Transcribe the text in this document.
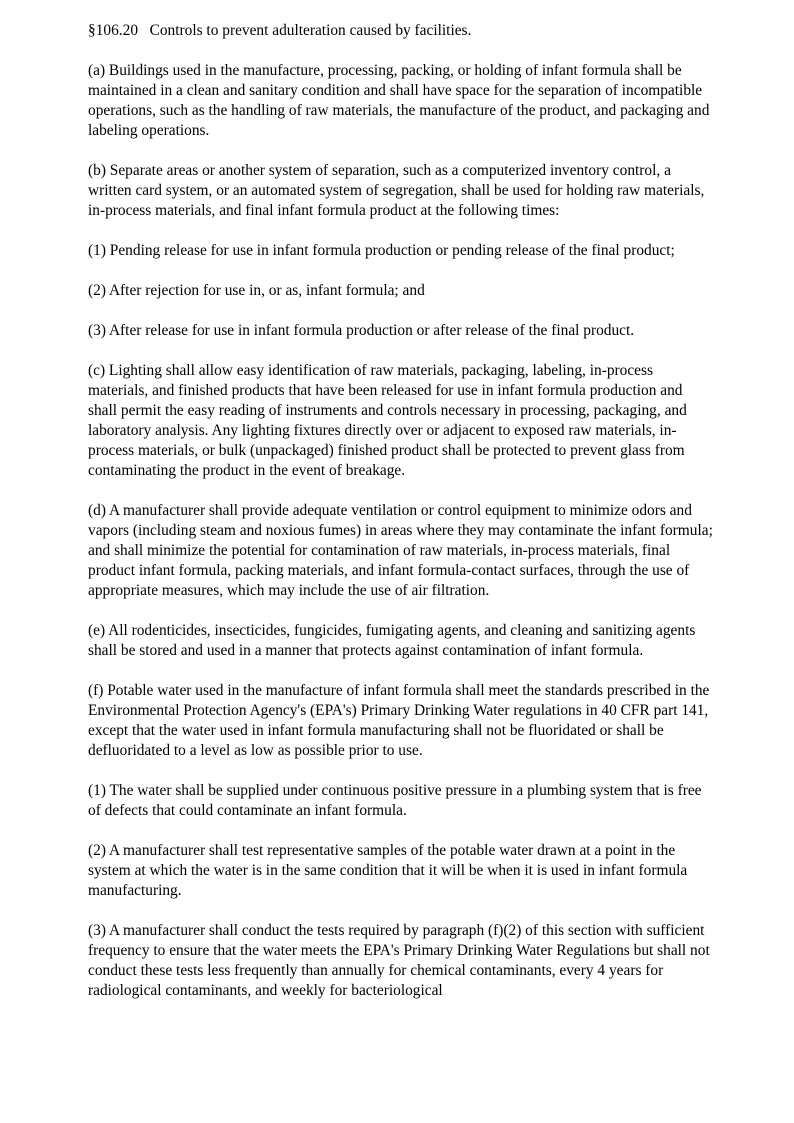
§106.20   Controls to prevent adulteration caused by facilities.

(a) Buildings used in the manufacture, processing, packing, or holding of infant formula shall be maintained in a clean and sanitary condition and shall have space for the separation of incompatible operations, such as the handling of raw materials, the manufacture of the product, and packaging and labeling operations.

(b) Separate areas or another system of separation, such as a computerized inventory control, a written card system, or an automated system of segregation, shall be used for holding raw materials, in-process materials, and final infant formula product at the following times:

(1) Pending release for use in infant formula production or pending release of the final product;

(2) After rejection for use in, or as, infant formula; and

(3) After release for use in infant formula production or after release of the final product.

(c) Lighting shall allow easy identification of raw materials, packaging, labeling, in-process materials, and finished products that have been released for use in infant formula production and shall permit the easy reading of instruments and controls necessary in processing, packaging, and laboratory analysis. Any lighting fixtures directly over or adjacent to exposed raw materials, in-process materials, or bulk (unpackaged) finished product shall be protected to prevent glass from contaminating the product in the event of breakage.

(d) A manufacturer shall provide adequate ventilation or control equipment to minimize odors and vapors (including steam and noxious fumes) in areas where they may contaminate the infant formula; and shall minimize the potential for contamination of raw materials, in-process materials, final product infant formula, packing materials, and infant formula-contact surfaces, through the use of appropriate measures, which may include the use of air filtration.

(e) All rodenticides, insecticides, fungicides, fumigating agents, and cleaning and sanitizing agents shall be stored and used in a manner that protects against contamination of infant formula.

(f) Potable water used in the manufacture of infant formula shall meet the standards prescribed in the Environmental Protection Agency's (EPA's) Primary Drinking Water regulations in 40 CFR part 141, except that the water used in infant formula manufacturing shall not be fluoridated or shall be defluoridated to a level as low as possible prior to use.

(1) The water shall be supplied under continuous positive pressure in a plumbing system that is free of defects that could contaminate an infant formula.

(2) A manufacturer shall test representative samples of the potable water drawn at a point in the system at which the water is in the same condition that it will be when it is used in infant formula manufacturing.

(3) A manufacturer shall conduct the tests required by paragraph (f)(2) of this section with sufficient frequency to ensure that the water meets the EPA's Primary Drinking Water Regulations but shall not conduct these tests less frequently than annually for chemical contaminants, every 4 years for radiological contaminants, and weekly for bacteriological
